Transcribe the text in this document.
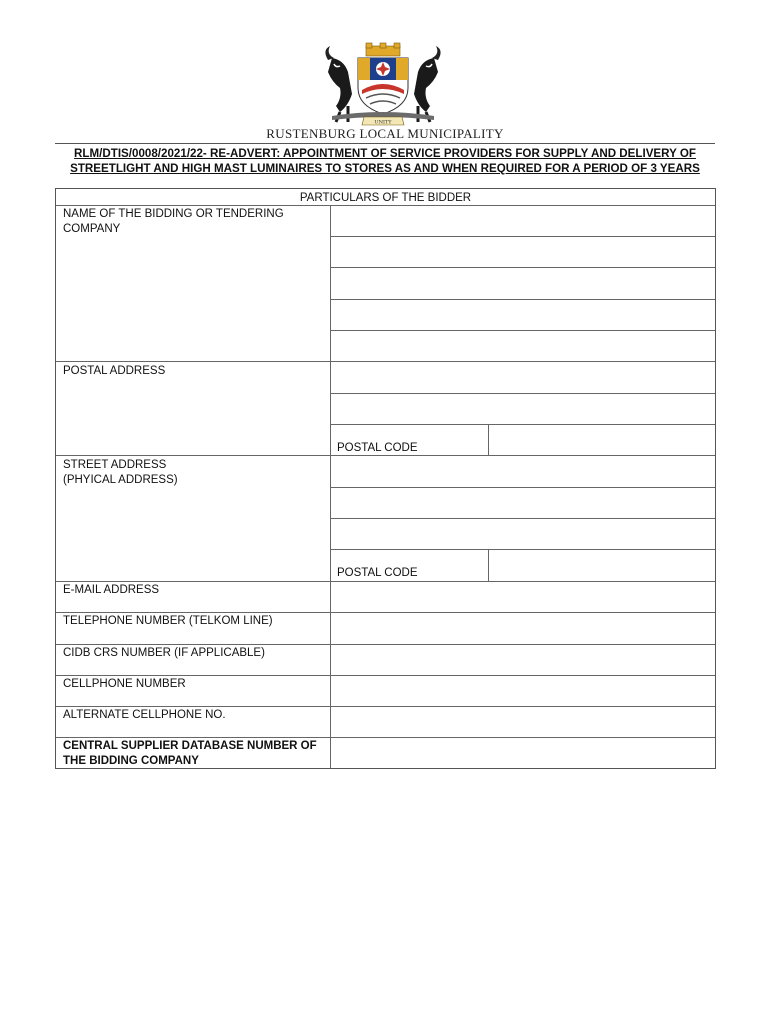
UNITY
RUSTENBURG LOCAL MUNICIPALITY
RLM/DTIS/0008/2021/22- RE-ADVERT: APPOINTMENT OF SERVICE PROVIDERS FOR SUPPLY AND DELIVERY OF
STREETLIGHT AND HIGH MAST LUMINAIRES TO STORES AS AND WHEN REQUIRED FOR A PERIOD OF 3 YEARS
PARTICULARS OF THE BIDDER
NAME OF THE BIDDING OR TENDERING
COMPANY
POSTAL ADDRESS
POSTAL CODE
STREET ADDRESS
(PHYICAL ADDRESS)
POSTAL CODE
E-MAIL ADDRESS
TELEPHONE NUMBER (TELKOM LINE)
CIDB CRS NUMBER (IF APPLICABLE)
CELLPHONE NUMBER
ALTERNATE CELLPHONE NO.
CENTRAL SUPPLIER DATABASE NUMBER OF
THE BIDDING COMPANY
